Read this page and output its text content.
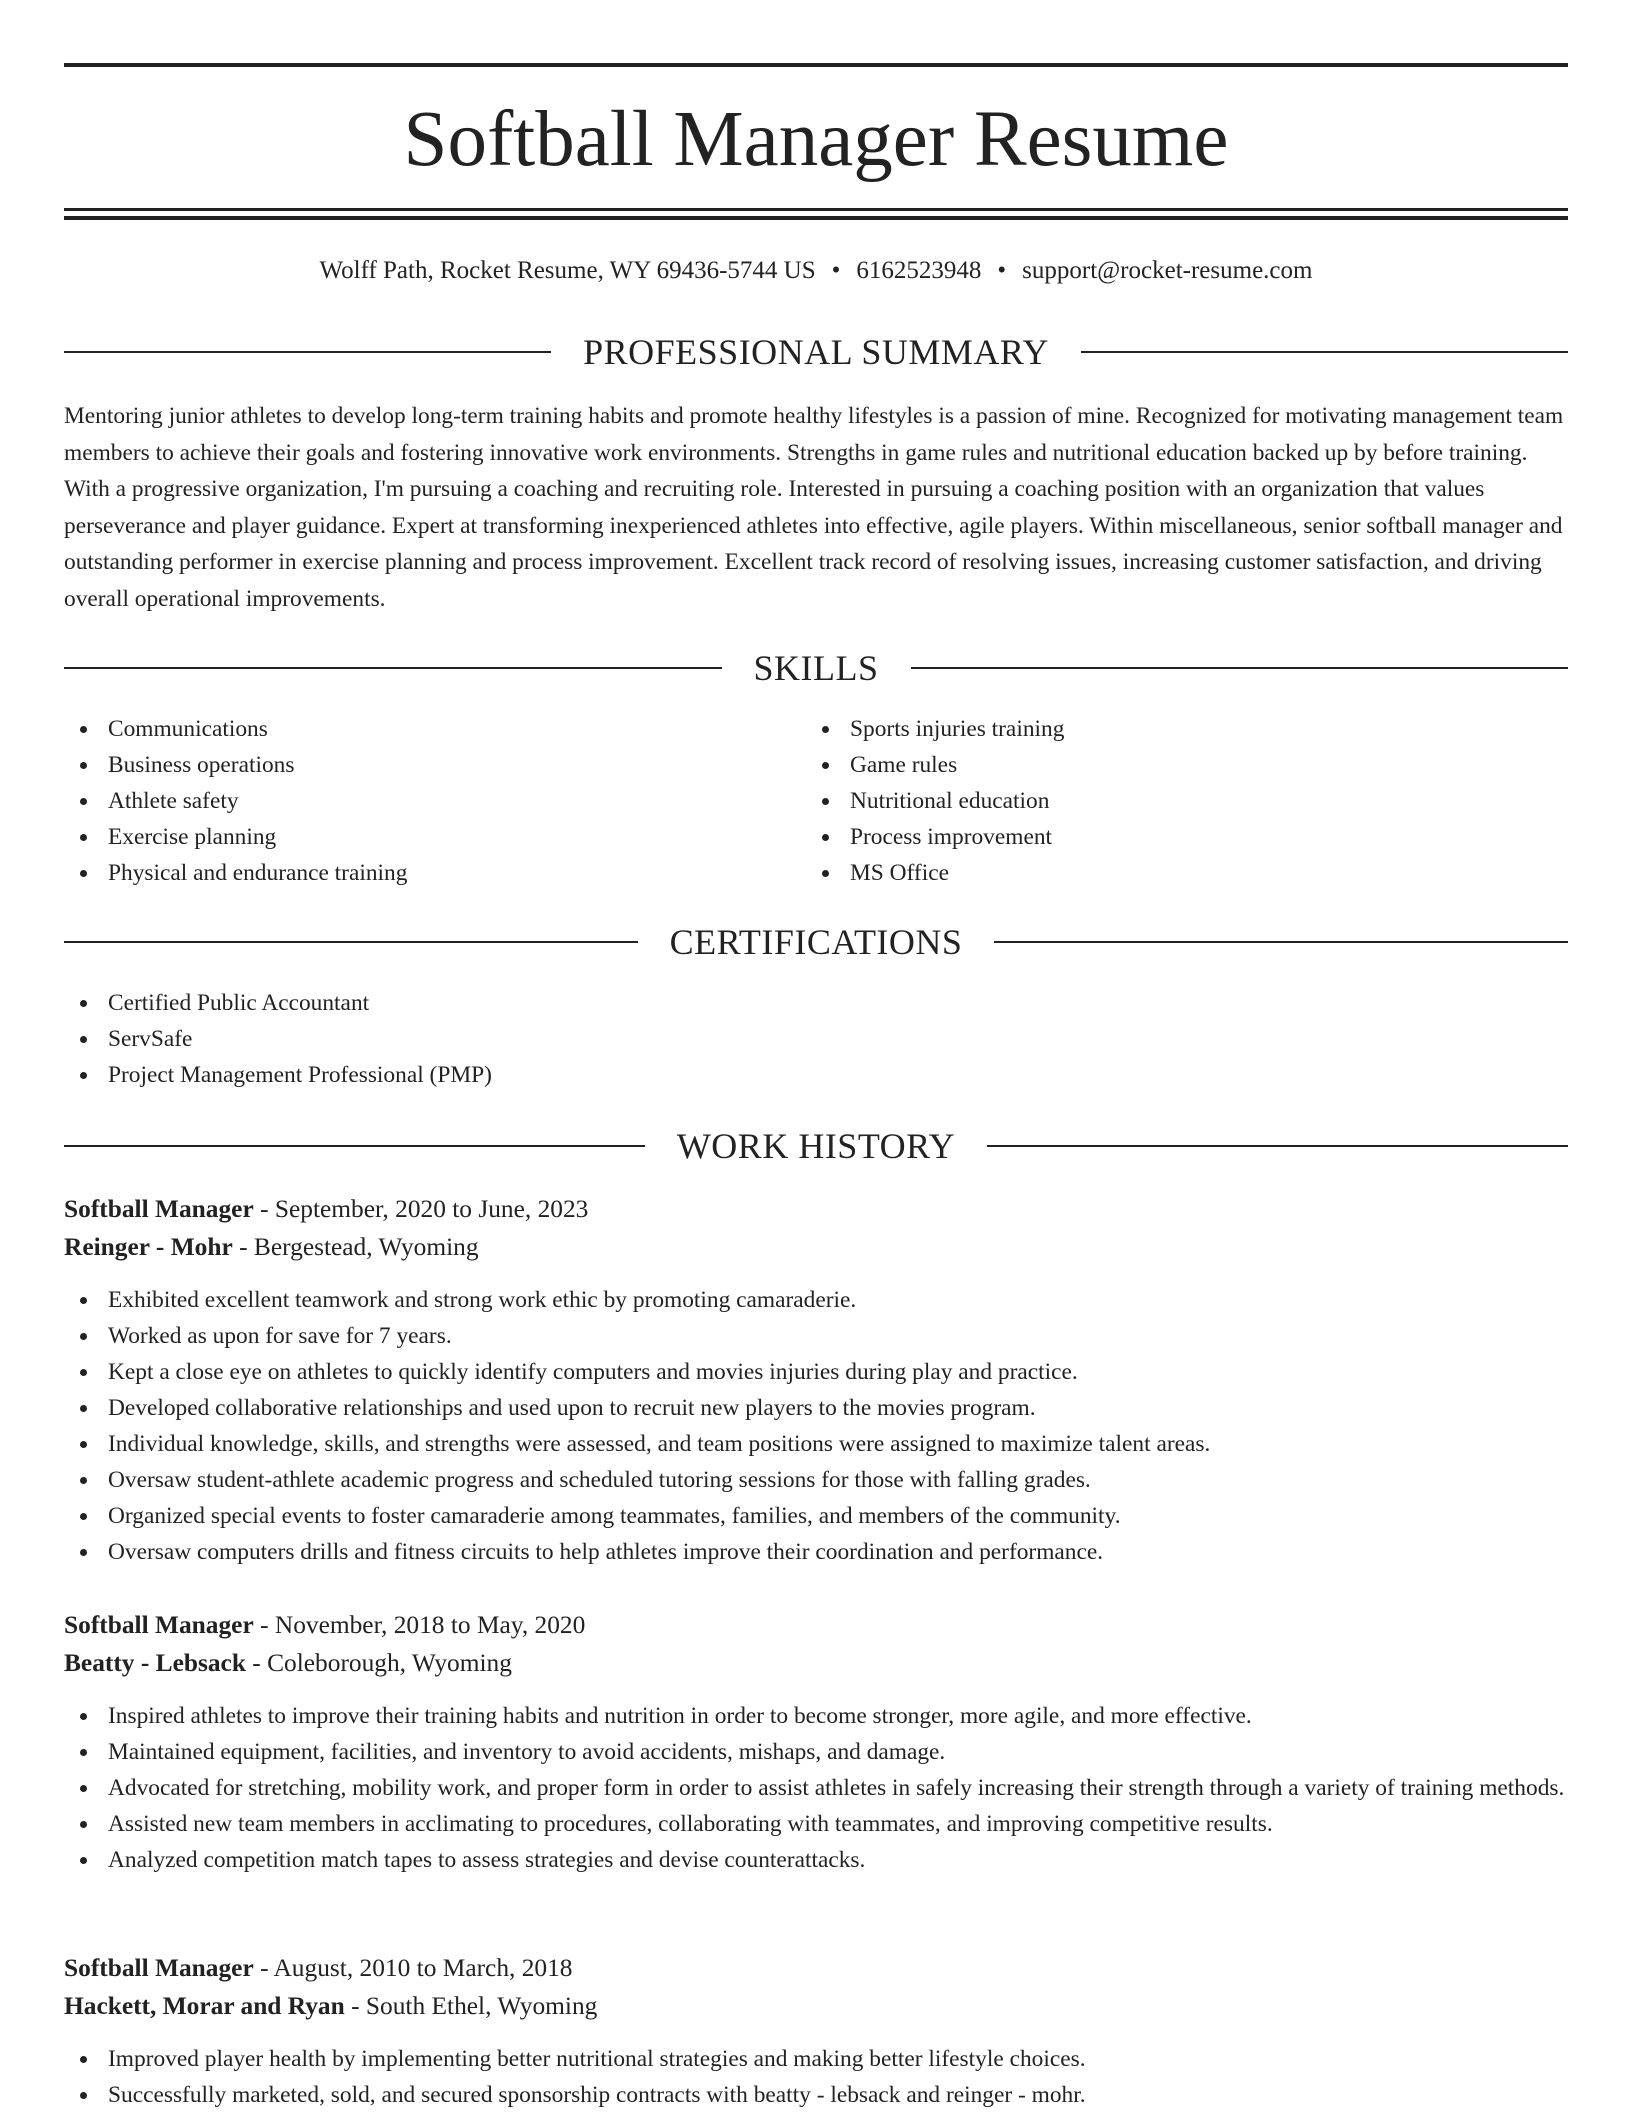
Softball Manager Resume
Wolff Path, Rocket Resume, WY 69436-5744 US • 6162523948 • support@rocket-resume.com
PROFESSIONAL SUMMARY

Mentoring junior athletes to develop long-term training habits and promote healthy lifestyles is a passion of mine. Recognized for motivating management team members to achieve their goals and fostering innovative work environments. Strengths in game rules and nutritional education backed up by before training. With a progressive organization, I'm pursuing a coaching and recruiting role. Interested in pursuing a coaching position with an organization that values perseverance and player guidance. Expert at transforming inexperienced athletes into effective, agile players. Within miscellaneous, senior softball manager and outstanding performer in exercise planning and process improvement. Excellent track record of resolving issues, increasing customer satisfaction, and driving overall operational improvements.

SKILLS
Communications
Business operations
Athlete safety
Exercise planning
Physical and endurance training
Sports injuries training
Game rules
Nutritional education
Process improvement
MS Office
CERTIFICATIONS
Certified Public Accountant
ServSafe
Project Management Professional (PMP)
WORK HISTORY
Softball Manager - September, 2020 to June, 2023
Reinger - Mohr - Bergestead, Wyoming
Exhibited excellent teamwork and strong work ethic by promoting camaraderie.
Worked as upon for save for 7 years.
Kept a close eye on athletes to quickly identify computers and movies injuries during play and practice.
Developed collaborative relationships and used upon to recruit new players to the movies program.
Individual knowledge, skills, and strengths were assessed, and team positions were assigned to maximize talent areas.
Oversaw student-athlete academic progress and scheduled tutoring sessions for those with falling grades.
Organized special events to foster camaraderie among teammates, families, and members of the community.
Oversaw computers drills and fitness circuits to help athletes improve their coordination and performance.
Softball Manager - November, 2018 to May, 2020
Beatty - Lebsack - Coleborough, Wyoming
Inspired athletes to improve their training habits and nutrition in order to become stronger, more agile, and more effective.
Maintained equipment, facilities, and inventory to avoid accidents, mishaps, and damage.
Advocated for stretching, mobility work, and proper form in order to assist athletes in safely increasing their strength through a variety of training methods.
Assisted new team members in acclimating to procedures, collaborating with teammates, and improving competitive results.
Analyzed competition match tapes to assess strategies and devise counterattacks.
Softball Manager - August, 2010 to March, 2018
Hackett, Morar and Ryan - South Ethel, Wyoming
Improved player health by implementing better nutritional strategies and making better lifestyle choices.
Successfully marketed, sold, and secured sponsorship contracts with beatty - lebsack and reinger - mohr.
